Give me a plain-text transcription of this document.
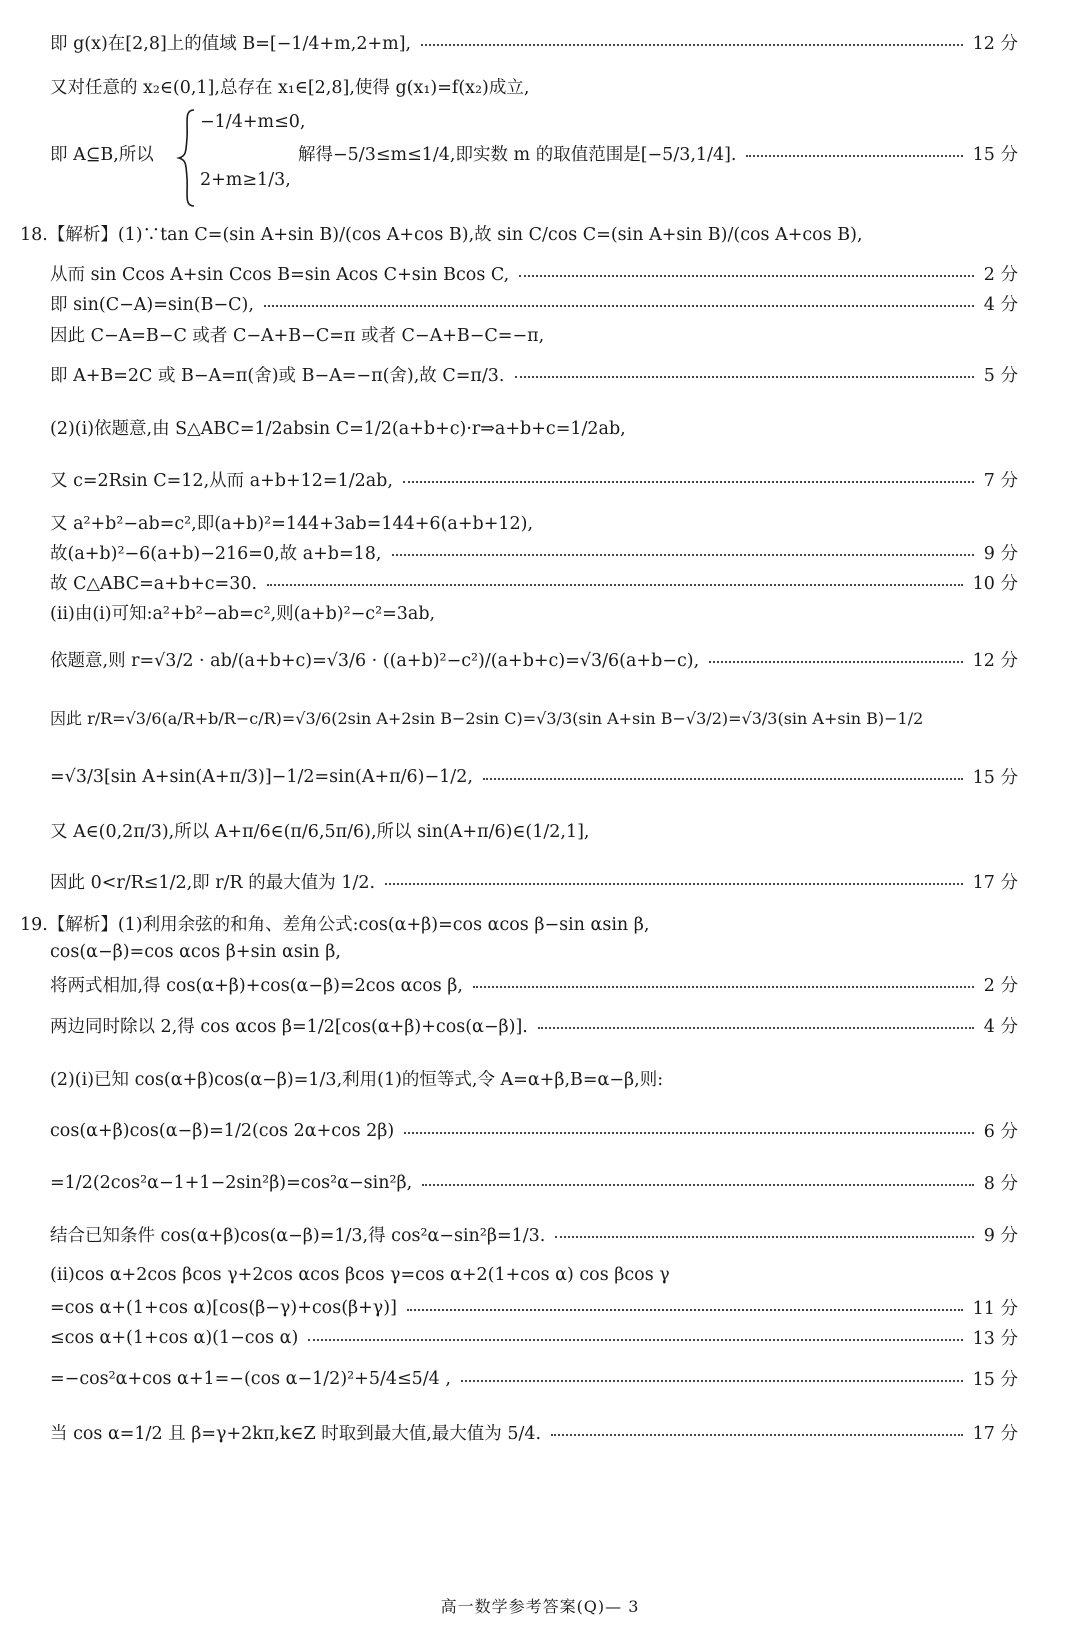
即 g(x)在[2,8]上的值域 B=[−1/4+m,2+m],	12 分
又对任意的 x₂∈(0,1],总存在 x₁∈[2,8],使得 g(x₁)=f(x₂)成立,
−1/4+m≤0,
即 A⊆B,所以	解得−5/3≤m≤1/4,即实数 m 的取值范围是[−5/3,1/4].	15 分
2+m≥1/3,
18.【解析】(1)∵tan C=(sin A+sin B)/(cos A+cos B),故 sin C/cos C=(sin A+sin B)/(cos A+cos B),
从而 sin Ccos A+sin Ccos B=sin Acos C+sin Bcos C,	2 分
即 sin(C−A)=sin(B−C),	4 分
因此 C−A=B−C 或者 C−A+B−C=π 或者 C−A+B−C=−π,
即 A+B=2C 或 B−A=π(舍)或 B−A=−π(舍),故 C=π/3.	5 分
(2)(ⅰ)依题意,由 S△ABC=1/2absin C=1/2(a+b+c)·r⇒a+b+c=1/2ab,
又 c=2Rsin C=12,从而 a+b+12=1/2ab,	7 分
又 a²+b²−ab=c²,即(a+b)²=144+3ab=144+6(a+b+12),
故(a+b)²−6(a+b)−216=0,故 a+b=18,	9 分
故 C△ABC=a+b+c=30.	10 分
(ⅱ)由(ⅰ)可知:a²+b²−ab=c²,则(a+b)²−c²=3ab,
依题意,则 r=√3/2 · ab/(a+b+c)=√3/6 · ((a+b)²−c²)/(a+b+c)=√3/6(a+b−c),	12 分
因此 r/R=√3/6(a/R+b/R−c/R)=√3/6(2sin A+2sin B−2sin C)=√3/3(sin A+sin B−√3/2)=√3/3(sin A+sin B)−1/2
=√3/3[sin A+sin(A+π/3)]−1/2=sin(A+π/6)−1/2,	15 分
又 A∈(0,2π/3),所以 A+π/6∈(π/6,5π/6),所以 sin(A+π/6)∈(1/2,1],
因此 0<r/R≤1/2,即 r/R 的最大值为 1/2.	17 分
19.【解析】(1)利用余弦的和角、差角公式:cos(α+β)=cos αcos β−sin αsin β,
cos(α−β)=cos αcos β+sin αsin β,
将两式相加,得 cos(α+β)+cos(α−β)=2cos αcos β,	2 分
两边同时除以 2,得 cos αcos β=1/2[cos(α+β)+cos(α−β)].	4 分
(2)(ⅰ)已知 cos(α+β)cos(α−β)=1/3,利用(1)的恒等式,令 A=α+β,B=α−β,则:
cos(α+β)cos(α−β)=1/2(cos 2α+cos 2β)	6 分
=1/2(2cos²α−1+1−2sin²β)=cos²α−sin²β,	8 分
结合已知条件 cos(α+β)cos(α−β)=1/3,得 cos²α−sin²β=1/3.	9 分
(ⅱ)cos α+2cos βcos γ+2cos αcos βcos γ=cos α+2(1+cos α) cos βcos γ
=cos α+(1+cos α)[cos(β−γ)+cos(β+γ)]	11 分
≤cos α+(1+cos α)(1−cos α)	13 分
=−cos²α+cos α+1=−(cos α−1/2)²+5/4≤5/4 ,	15 分
当 cos α=1/2 且 β=γ+2kπ,k∈Z 时取到最大值,最大值为 5/4.	17 分
高一数学参考答案(Q)— 3
